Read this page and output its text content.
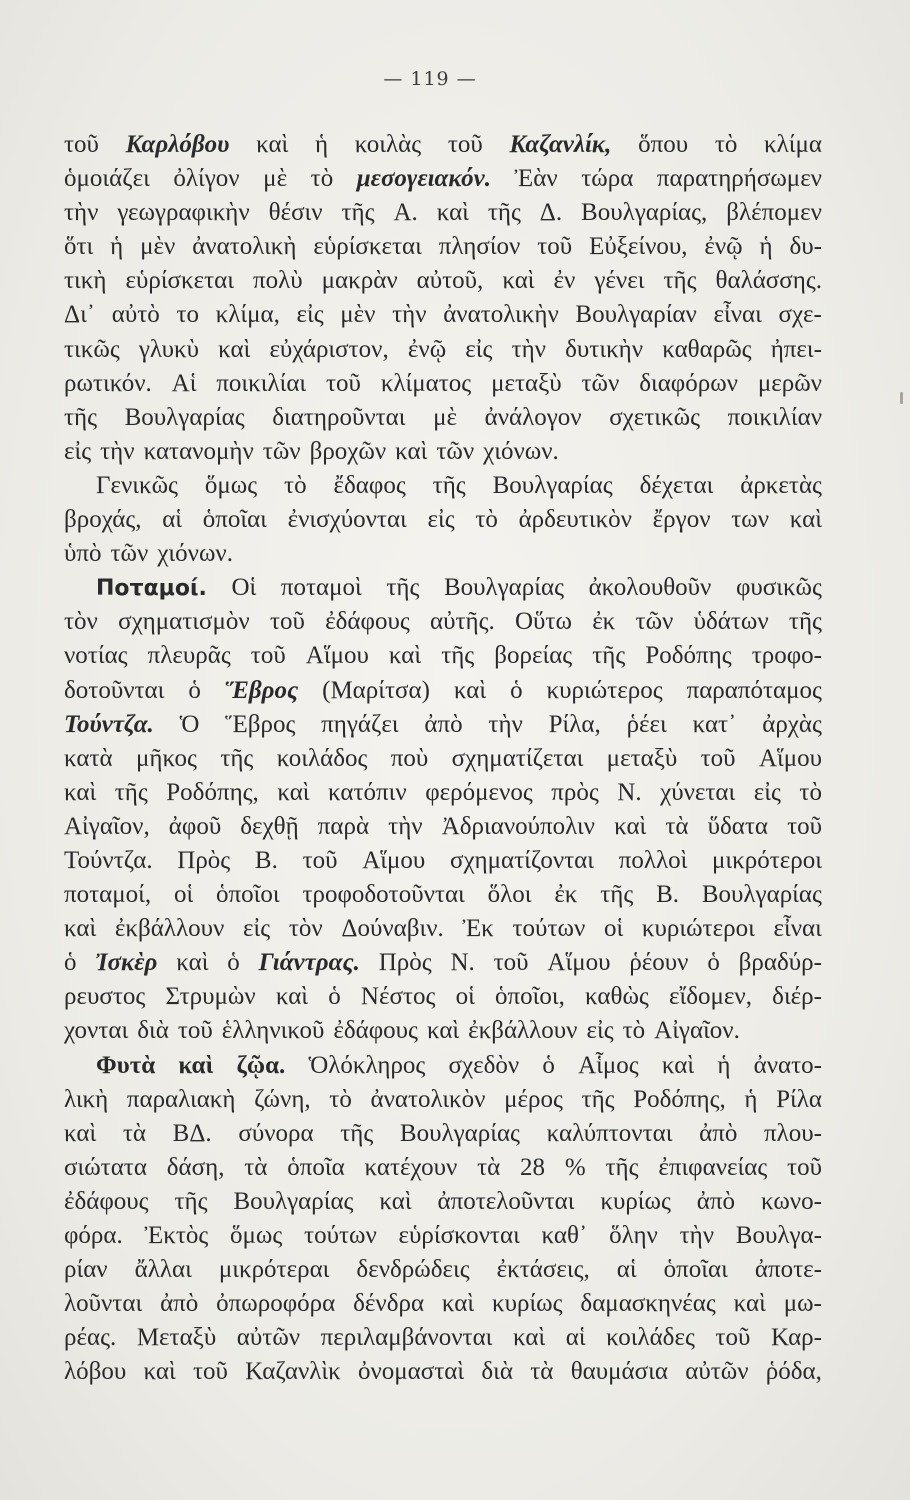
— 119 —
τοῦ Καρλόβου καὶ ἡ κοιλὰς τοῦ Καζανλίκ, ὅπου τὸ κλίμα
ὁμοιάζει ὀλίγον μὲ τὸ μεσογειακόν. Ἐὰν τώρα παρατηρήσωμεν
τὴν γεωγραφικὴν θέσιν τῆς Α. καὶ τῆς Δ. Βουλγαρίας, βλέπομεν
ὅτι ἡ μὲν ἀνατολικὴ εὑρίσκεται πλησίον τοῦ Εὐξείνου, ἐνῷ ἡ δυ-
τικὴ εὑρίσκεται πολὺ μακρὰν αὐτοῦ, καὶ ἐν γένει τῆς θαλάσσης.
Δι᾽ αὐτὸ το κλίμα, εἰς μὲν τὴν ἀνατολικὴν Βουλγαρίαν εἶναι σχε-
τικῶς γλυκὺ καὶ εὐχάριστον, ἐνῷ εἰς τὴν δυτικὴν καθαρῶς ἠπει-
ρωτικόν. Αἱ ποικιλίαι τοῦ κλίματος μεταξὺ τῶν διαφόρων μερῶν
τῆς Βουλγαρίας διατηροῦνται μὲ ἀνάλογον σχετικῶς ποικιλίαν
εἰς τὴν κατανομὴν τῶν βροχῶν καὶ τῶν χιόνων.
Γενικῶς ὅμως τὸ ἔδαφος τῆς Βουλγαρίας δέχεται ἀρκετὰς
βροχάς, αἱ ὁποῖαι ἐνισχύονται εἰς τὸ ἀρδευτικὸν ἔργον των καὶ
ὑπὸ τῶν χιόνων.
Ποταμοί. Οἱ ποταμοὶ τῆς Βουλγαρίας ἀκολουθοῦν φυσικῶς
τὸν σχηματισμὸν τοῦ ἐδάφους αὐτῆς. Οὕτω ἐκ τῶν ὑδάτων τῆς
νοτίας πλευρᾶς τοῦ Αἵμου καὶ τῆς βορείας τῆς Ροδόπης τροφο-
δοτοῦνται ὁ Ἕβρος (Μαρίτσα) καὶ ὁ κυριώτερος παραπόταμος
Τούντζα. Ὁ Ἕβρος πηγάζει ἀπὸ τὴν Ρίλα, ῥέει κατ᾽ ἀρχὰς
κατὰ μῆκος τῆς κοιλάδος ποὺ σχηματίζεται μεταξὺ τοῦ Αἵμου
καὶ τῆς Ροδόπης, καὶ κατόπιν φερόμενος πρὸς Ν. χύνεται εἰς τὸ
Αἰγαῖον, ἀφοῦ δεχθῇ παρὰ τὴν Ἀδριανούπολιν καὶ τὰ ὕδατα τοῦ
Τούντζα. Πρὸς Β. τοῦ Αἵμου σχηματίζονται πολλοὶ μικρότεροι
ποταμοί, οἱ ὁποῖοι τροφοδοτοῦνται ὅλοι ἐκ τῆς Β. Βουλγαρίας
καὶ ἐκβάλλουν εἰς τὸν Δούναβιν. Ἐκ τούτων οἱ κυριώτεροι εἶναι
ὁ Ἰσκὲρ καὶ ὁ Γιάντρας. Πρὸς Ν. τοῦ Αἵμου ῥέουν ὁ βραδύρ-
ρευστος Στρυμὼν καὶ ὁ Νέστος οἱ ὁποῖοι, καθὼς εἴδομεν, διέρ-
χονται διὰ τοῦ ἑλληνικοῦ ἐδάφους καὶ ἐκβάλλουν εἰς τὸ Αἰγαῖον.
Φυτὰ καὶ ζῷα. Ὁλόκληρος σχεδὸν ὁ Αἷμος καὶ ἡ ἀνατο-
λικὴ παραλιακὴ ζώνη, τὸ ἀνατολικὸν μέρος τῆς Ροδόπης, ἡ Ρίλα
καὶ τὰ ΒΔ. σύνορα τῆς Βουλγαρίας καλύπτονται ἀπὸ πλου-
σιώτατα δάση, τὰ ὁποῖα κατέχουν τὰ 28 % τῆς ἐπιφανείας τοῦ
ἐδάφους τῆς Βουλγαρίας καὶ ἀποτελοῦνται κυρίως ἀπὸ κωνο-
φόρα. Ἐκτὸς ὅμως τούτων εὑρίσκονται καθ᾽ ὅλην τὴν Βουλγα-
ρίαν ἄλλαι μικρότεραι δενδρώδεις ἐκτάσεις, αἱ ὁποῖαι ἀποτε-
λοῦνται ἀπὸ ὀπωροφόρα δένδρα καὶ κυρίως δαμασκηνέας καὶ μω-
ρέας. Μεταξὺ αὐτῶν περιλαμβάνονται καὶ αἱ κοιλάδες τοῦ Καρ-
λόβου καὶ τοῦ Καζανλὶκ ὀνομασταὶ διὰ τὰ θαυμάσια αὐτῶν ῥόδα,
